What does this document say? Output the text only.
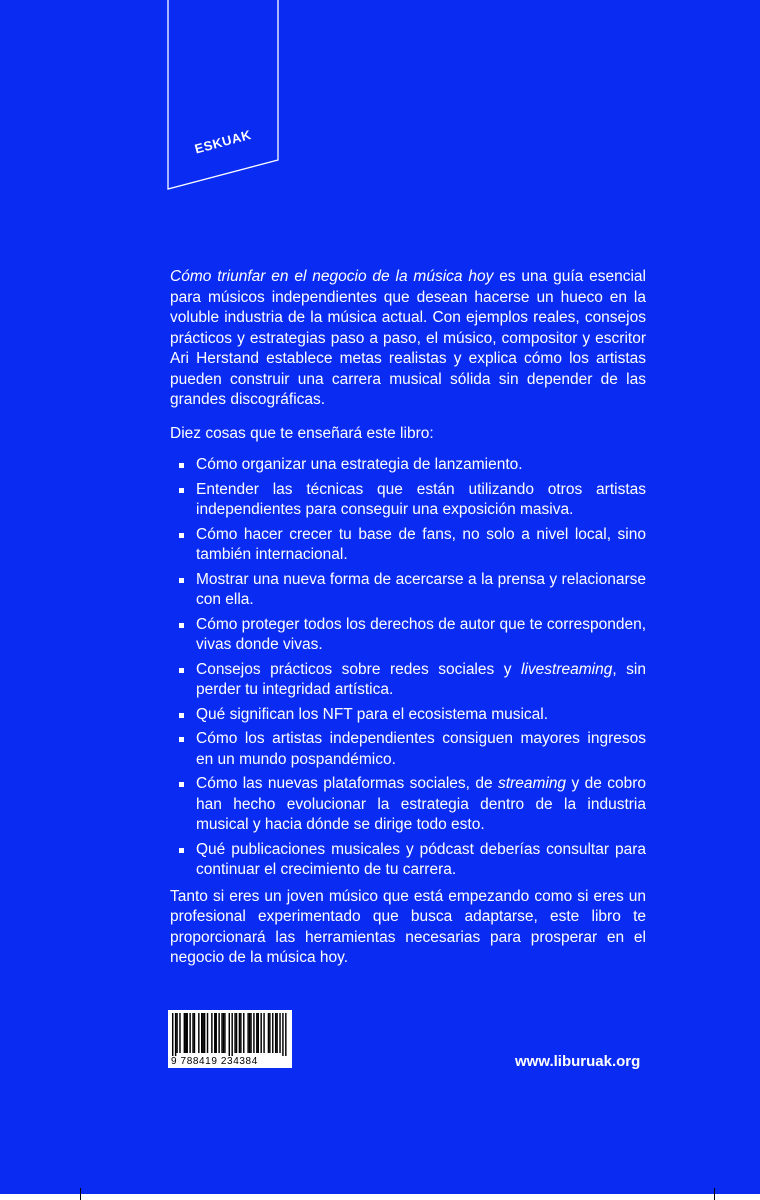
ESKUAK

Cómo triunfar en el negocio de la música hoy es una guía esencial para músicos independientes que desean hacerse un hueco en la voluble industria de la música actual. Con ejemplos reales, consejos prácticos y estrategias paso a paso, el músico, compositor y escritor Ari Herstand establece metas realistas y explica cómo los artistas pueden construir una carrera musical sólida sin depender de las grandes discográficas.

Diez cosas que te enseñará este libro:

Cómo organizar una estrategia de lanzamiento.
Entender las técnicas que están utilizando otros artistas independientes para conseguir una exposición masiva.
Cómo hacer crecer tu base de fans, no solo a nivel local, sino también internacional.
Mostrar una nueva forma de acercarse a la prensa y relacionarse con ella.
Cómo proteger todos los derechos de autor que te corresponden, vivas donde vivas.
Consejos prácticos sobre redes sociales y livestreaming, sin perder tu integridad artística.
Qué significan los NFT para el ecosistema musical.
Cómo los artistas independientes consiguen mayores ingresos en un mundo pospandémico.
Cómo las nuevas plataformas sociales, de streaming y de cobro han hecho evolucionar la estrategia dentro de la industria musical y hacia dónde se dirige todo esto.
Qué publicaciones musicales y pódcast deberías consultar para continuar el crecimiento de tu carrera.

Tanto si eres un joven músico que está empezando como si eres un profesional experimentado que busca adaptarse, este libro te proporcionará las herramientas necesarias para prosperar en el negocio de la música hoy.

9 788419 234384	www.liburuak.org
